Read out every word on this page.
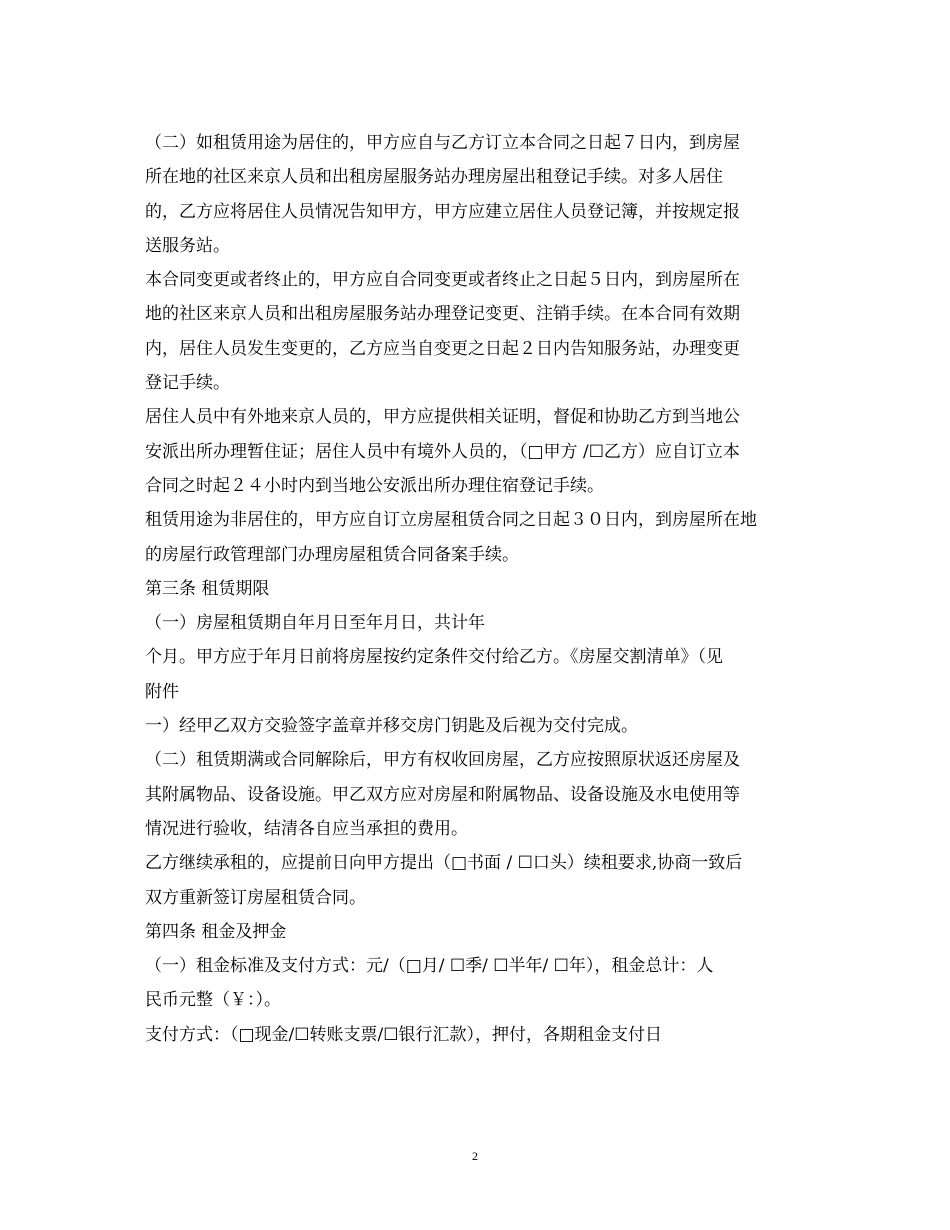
（二）如租赁用途为居住的，甲方应自与乙方订立本合同之日起７日内，到房屋
所在地的社区来京人员和出租房屋服务站办理房屋出租登记手续。对多人居住
的，乙方应将居住人员情况告知甲方，甲方应建立居住人员登记簿，并按规定报
送服务站。
本合同变更或者终止的，甲方应自合同变更或者终止之日起５日内，到房屋所在
地的社区来京人员和出租房屋服务站办理登记变更、注销手续。在本合同有效期
内，居住人员发生变更的，乙方应当自变更之日起２日内告知服务站，办理变更
登记手续。
居住人员中有外地来京人员的，甲方应提供相关证明，督促和协助乙方到当地公
安派出所办理暂住证；居住人员中有境外人员的，（□甲方 /☐乙方）应自订立本
合同之时起２４小时内到当地公安派出所办理住宿登记手续。
租赁用途为非居住的，甲方应自订立房屋租赁合同之日起３０日内，到房屋所在地
的房屋行政管理部门办理房屋租赁合同备案手续。
第三条 租赁期限
（一）房屋租赁期自年月日至年月日，共计年
个月。甲方应于年月日前将房屋按约定条件交付给乙方。《房屋交割清单》（见
附件
一）经甲乙双方交验签字盖章并移交房门钥匙及后视为交付完成。
（二）租赁期满或合同解除后，甲方有权收回房屋，乙方应按照原状返还房屋及
其附属物品、设备设施。甲乙双方应对房屋和附属物品、设备设施及水电使用等
情况进行验收，结清各自应当承担的费用。
乙方继续承租的，应提前日向甲方提出（□书面 / ☐口头）续租要求,协商一致后
双方重新签订房屋租赁合同。
第四条 租金及押金
（一）租金标准及支付方式：元/（□月/ ☐季/ ☐半年/ ☐年），租金总计：人
民币元整（￥：）。
支付方式：（□现金/☐转账支票/☐银行汇款），押付，各期租金支付日
2
